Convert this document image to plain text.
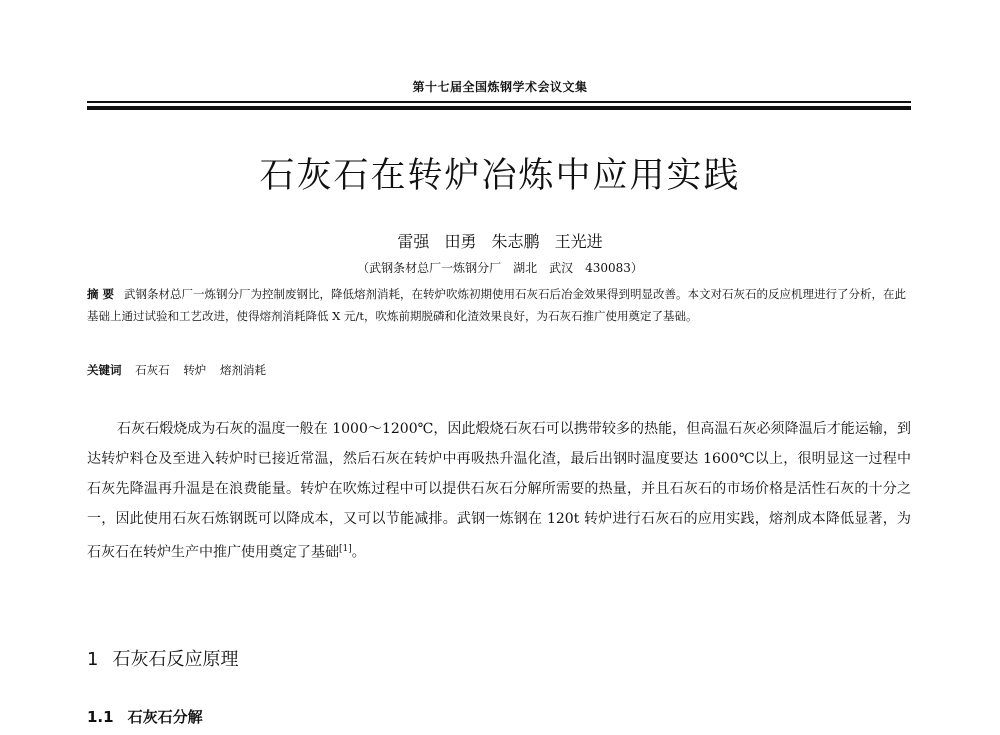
第十七届全国炼钢学术会议文集
石灰石在转炉冶炼中应用实践
雷强 田勇 朱志鹏 王光进
（武钢条材总厂一炼钢分厂　湖北　武汉　430083）
摘 要 武钢条材总厂一炼钢分厂为控制废钢比，降低熔剂消耗，在转炉吹炼初期使用石灰石后冶金效果得到明显改善。本文对石灰石的反应机理进行了分析，在此基础上通过试验和工艺改进，使得熔剂消耗降低 X 元/t，吹炼前期脱磷和化渣效果良好，为石灰石推广使用奠定了基础。
关键词 石灰石 转炉 熔剂消耗

石灰石煅烧成为石灰的温度一般在 1000～1200℃，因此煅烧石灰石可以携带较多的热能，但高温石灰必须降温后才能运输，到达转炉料仓及至进入转炉时已接近常温，然后石灰在转炉中再吸热升温化渣，最后出钢时温度要达 1600℃以上，很明显这一过程中石灰先降温再升温是在浪费能量。转炉在吹炼过程中可以提供石灰石分解所需要的热量，并且石灰石的市场价格是活性石灰的十分之一，因此使用石灰石炼钢既可以降成本，又可以节能减排。武钢一炼钢在 120t 转炉进行石灰石的应用实践，熔剂成本降低显著，为石灰石在转炉生产中推广使用奠定了基础[1]。

1 石灰石反应原理
1.1 石灰石分解
